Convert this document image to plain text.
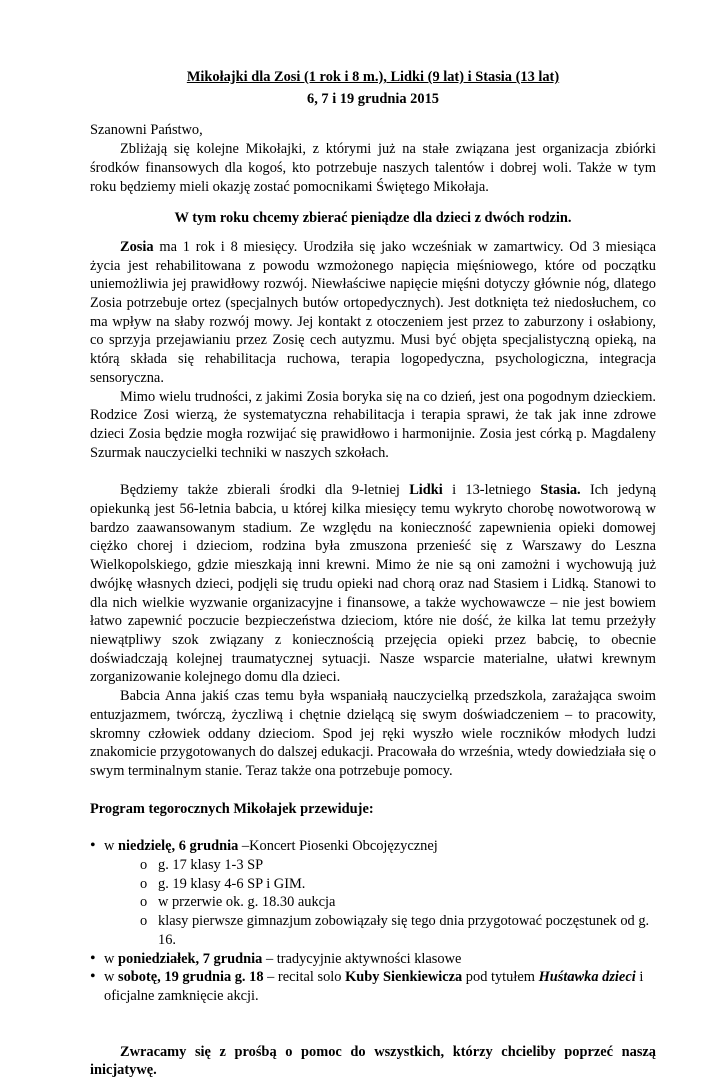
Mikołajki dla Zosi (1 rok i 8 m.), Lidki (9 lat) i Stasia (13 lat)

6, 7 i 19 grudnia 2015

Szanowni Państwo,

Zbliżają się kolejne Mikołajki, z którymi już na stałe związana jest organizacja zbiórki środków finansowych dla kogoś, kto potrzebuje naszych talentów i dobrej woli. Także w tym roku będziemy mieli okazję zostać pomocnikami Świętego Mikołaja.

W tym roku chcemy zbierać pieniądze dla dzieci z dwóch rodzin.

Zosia ma 1 rok i 8 miesięcy. Urodziła się jako wcześniak w zamartwicy. Od 3 miesiąca życia jest rehabilitowana z powodu wzmożonego napięcia mięśniowego, które od początku uniemożliwia jej prawidłowy rozwój. Niewłaściwe napięcie mięśni dotyczy głównie nóg, dlatego Zosia potrzebuje ortez (specjalnych butów ortopedycznych). Jest dotknięta też niedosłuchem, co ma wpływ na słaby rozwój mowy. Jej kontakt z otoczeniem jest przez to zaburzony i osłabiony, co sprzyja przejawianiu przez Zosię cech autyzmu. Musi być objęta specjalistyczną opieką, na którą składa się rehabilitacja ruchowa, terapia logopedyczna, psychologiczna, integracja sensoryczna.

Mimo wielu trudności, z jakimi Zosia boryka się na co dzień, jest ona pogodnym dzieckiem. Rodzice Zosi wierzą, że systematyczna rehabilitacja i terapia sprawi, że tak jak inne zdrowe dzieci Zosia będzie mogła rozwijać się prawidłowo i harmonijnie. Zosia jest córką p. Magdaleny Szurmak nauczycielki techniki w naszych szkołach.

Będziemy także zbierali środki dla 9-letniej Lidki i 13-letniego Stasia. Ich jedyną opiekunką jest 56-letnia babcia, u której kilka miesięcy temu wykryto chorobę nowotworową w bardzo zaawansowanym stadium. Ze względu na konieczność zapewnienia opieki domowej ciężko chorej i dzieciom, rodzina była zmuszona przenieść się z Warszawy do Leszna Wielkopolskiego, gdzie mieszkają inni krewni. Mimo że nie są oni zamożni i wychowują już dwójkę własnych dzieci, podjęli się trudu opieki nad chorą oraz nad Stasiem i Lidką. Stanowi to dla nich wielkie wyzwanie organizacyjne i finansowe, a także wychowawcze – nie jest bowiem łatwo zapewnić poczucie bezpieczeństwa dzieciom, które nie dość, że kilka lat temu przeżyły niewątpliwy szok związany z koniecznością przejęcia opieki przez babcię, to obecnie doświadczają kolejnej traumatycznej sytuacji. Nasze wsparcie materialne, ułatwi krewnym zorganizowanie kolejnego domu dla dzieci.

Babcia Anna jakiś czas temu była wspaniałą nauczycielką przedszkola, zarażająca swoim entuzjazmem, twórczą, życzliwą i chętnie dzielącą się swym doświadczeniem – to pracowity, skromny człowiek oddany dzieciom. Spod jej ręki wyszło wiele roczników młodych ludzi znakomicie przygotowanych do dalszej edukacji. Pracowała do września, wtedy dowiedziała się o swym terminalnym stanie. Teraz także ona potrzebuje pomocy.

Program tegorocznych Mikołajek przewiduje:

• w niedzielę, 6 grudnia –Koncert Piosenki Obcojęzycznej
o g. 17 klasy 1-3 SP
o g. 19 klasy 4-6 SP i GIM.
o w przerwie ok. g. 18.30 aukcja
o klasy pierwsze gimnazjum zobowiązały się tego dnia przygotować poczęstunek od g. 16.
• w poniedziałek, 7 grudnia – tradycyjnie aktywności klasowe
• w sobotę, 19 grudnia g. 18 – recital solo Kuby Sienkiewicza pod tytułem Huśtawka dzieci i oficjalne zamknięcie akcji.

Zwracamy się z prośbą o pomoc do wszystkich, którzy chcieliby poprzeć naszą inicjatywę.
